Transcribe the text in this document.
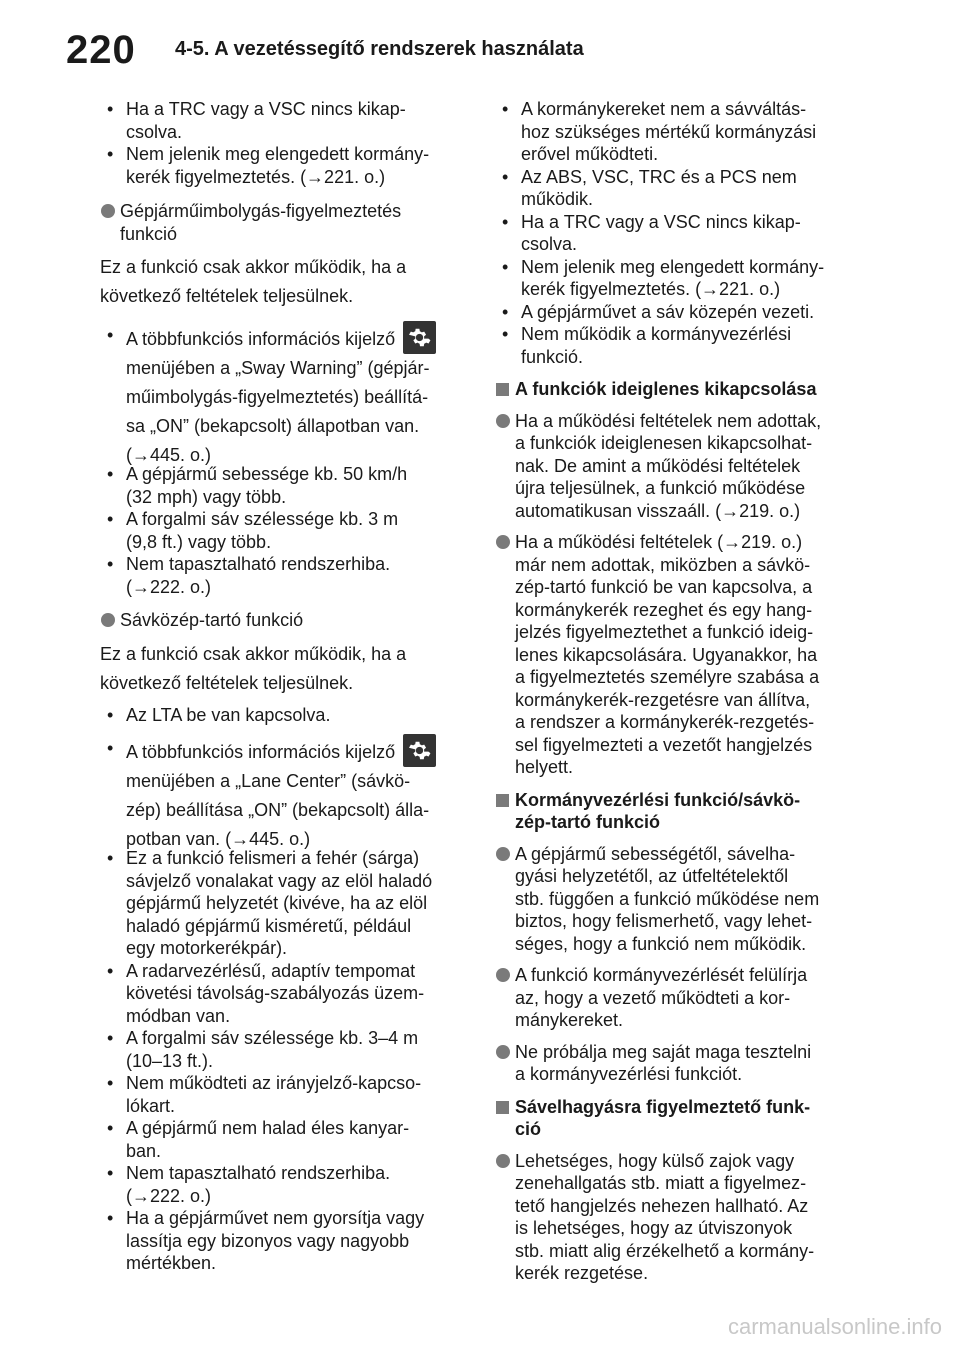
220 4-5. A vezetéssegítő rendszerek használata
• Ha a TRC vagy a VSC nincs kikap-
csolva.
• Nem jelenik meg elengedett kormány-
kerék figyelmeztetés. (→221. o.)
Gépjárműimbolygás-figyelmeztetés
funkció
Ez a funkció csak akkor működik, ha a
következő feltételek teljesülnek.
• A többfunkciós információs kijelző

menüjében a „Sway Warning” (gépjár-
műimbolygás-figyelmeztetés) beállítá-
sa „ON” (bekapcsolt) állapotban van.
(→445. o.)
• A gépjármű sebessége kb. 50 km/h
(32 mph) vagy több.
• A forgalmi sáv szélessége kb. 3 m
(9,8 ft.) vagy több.
• Nem tapasztalható rendszerhiba.
(→222. o.)
Sávközép-tartó funkció
Ez a funkció csak akkor működik, ha a
következő feltételek teljesülnek.
• Az LTA be van kapcsolva.
• A többfunkciós információs kijelző

menüjében a „Lane Center” (sávkö-
zép) beállítása „ON” (bekapcsolt) álla-
potban van. (→445. o.)
• Ez a funkció felismeri a fehér (sárga)
sávjelző vonalakat vagy az elöl haladó
gépjármű helyzetét (kivéve, ha az elöl
haladó gépjármű kisméretű, például
egy motorkerékpár).
• A radarvezérlésű, adaptív tempomat
követési távolság-szabályozás üzem-
módban van.
• A forgalmi sáv szélessége kb. 3–4 m
(10–13 ft.).
• Nem működteti az irányjelző-kapcso-
lókart.
• A gépjármű nem halad éles kanyar-
ban.
• Nem tapasztalható rendszerhiba.
(→222. o.)
• Ha a gépjárművet nem gyorsítja vagy
lassítja egy bizonyos vagy nagyobb
mértékben.
• A kormánykereket nem a sávváltás-
hoz szükséges mértékű kormányzási
erővel működteti.
• Az ABS, VSC, TRC és a PCS nem
működik.
• Ha a TRC vagy a VSC nincs kikap-
csolva.
• Nem jelenik meg elengedett kormány-
kerék figyelmeztetés. (→221. o.)
• A gépjárművet a sáv közepén vezeti.
• Nem működik a kormányvezérlési
funkció.
A funkciók ideiglenes kikapcsolása
Ha a működési feltételek nem adottak,
a funkciók ideiglenesen kikapcsolhat-
nak. De amint a működési feltételek
újra teljesülnek, a funkció működése
automatikusan visszaáll. (→219. o.)
Ha a működési feltételek (→219. o.)
már nem adottak, miközben a sávkö-
zép-tartó funkció be van kapcsolva, a
kormánykerék rezeghet és egy hang-
jelzés figyelmeztethet a funkció ideig-
lenes kikapcsolására. Ugyanakkor, ha
a figyelmeztetés személyre szabása a
kormánykerék-rezgetésre van állítva,
a rendszer a kormánykerék-rezgetés-
sel figyelmezteti a vezetőt hangjelzés
helyett.
Kormányvezérlési funkció/sávkö-
zép-tartó funkció
A gépjármű sebességétől, sávelha-
gyási helyzetétől, az útfeltételektől
stb. függően a funkció működése nem
biztos, hogy felismerhető, vagy lehet-
séges, hogy a funkció nem működik.
A funkció kormányvezérlését felülírja
az, hogy a vezető működteti a kor-
mánykereket.
Ne próbálja meg saját maga tesztelni
a kormányvezérlési funkciót.
Sávelhagyásra figyelmeztető funk-
ció
Lehetséges, hogy külső zajok vagy
zenehallgatás stb. miatt a figyelmez-
tető hangjelzés nehezen hallható. Az
is lehetséges, hogy az útviszonyok
stb. miatt alig érzékelhető a kormány-
kerék rezgetése.
carmanualsonline.info
